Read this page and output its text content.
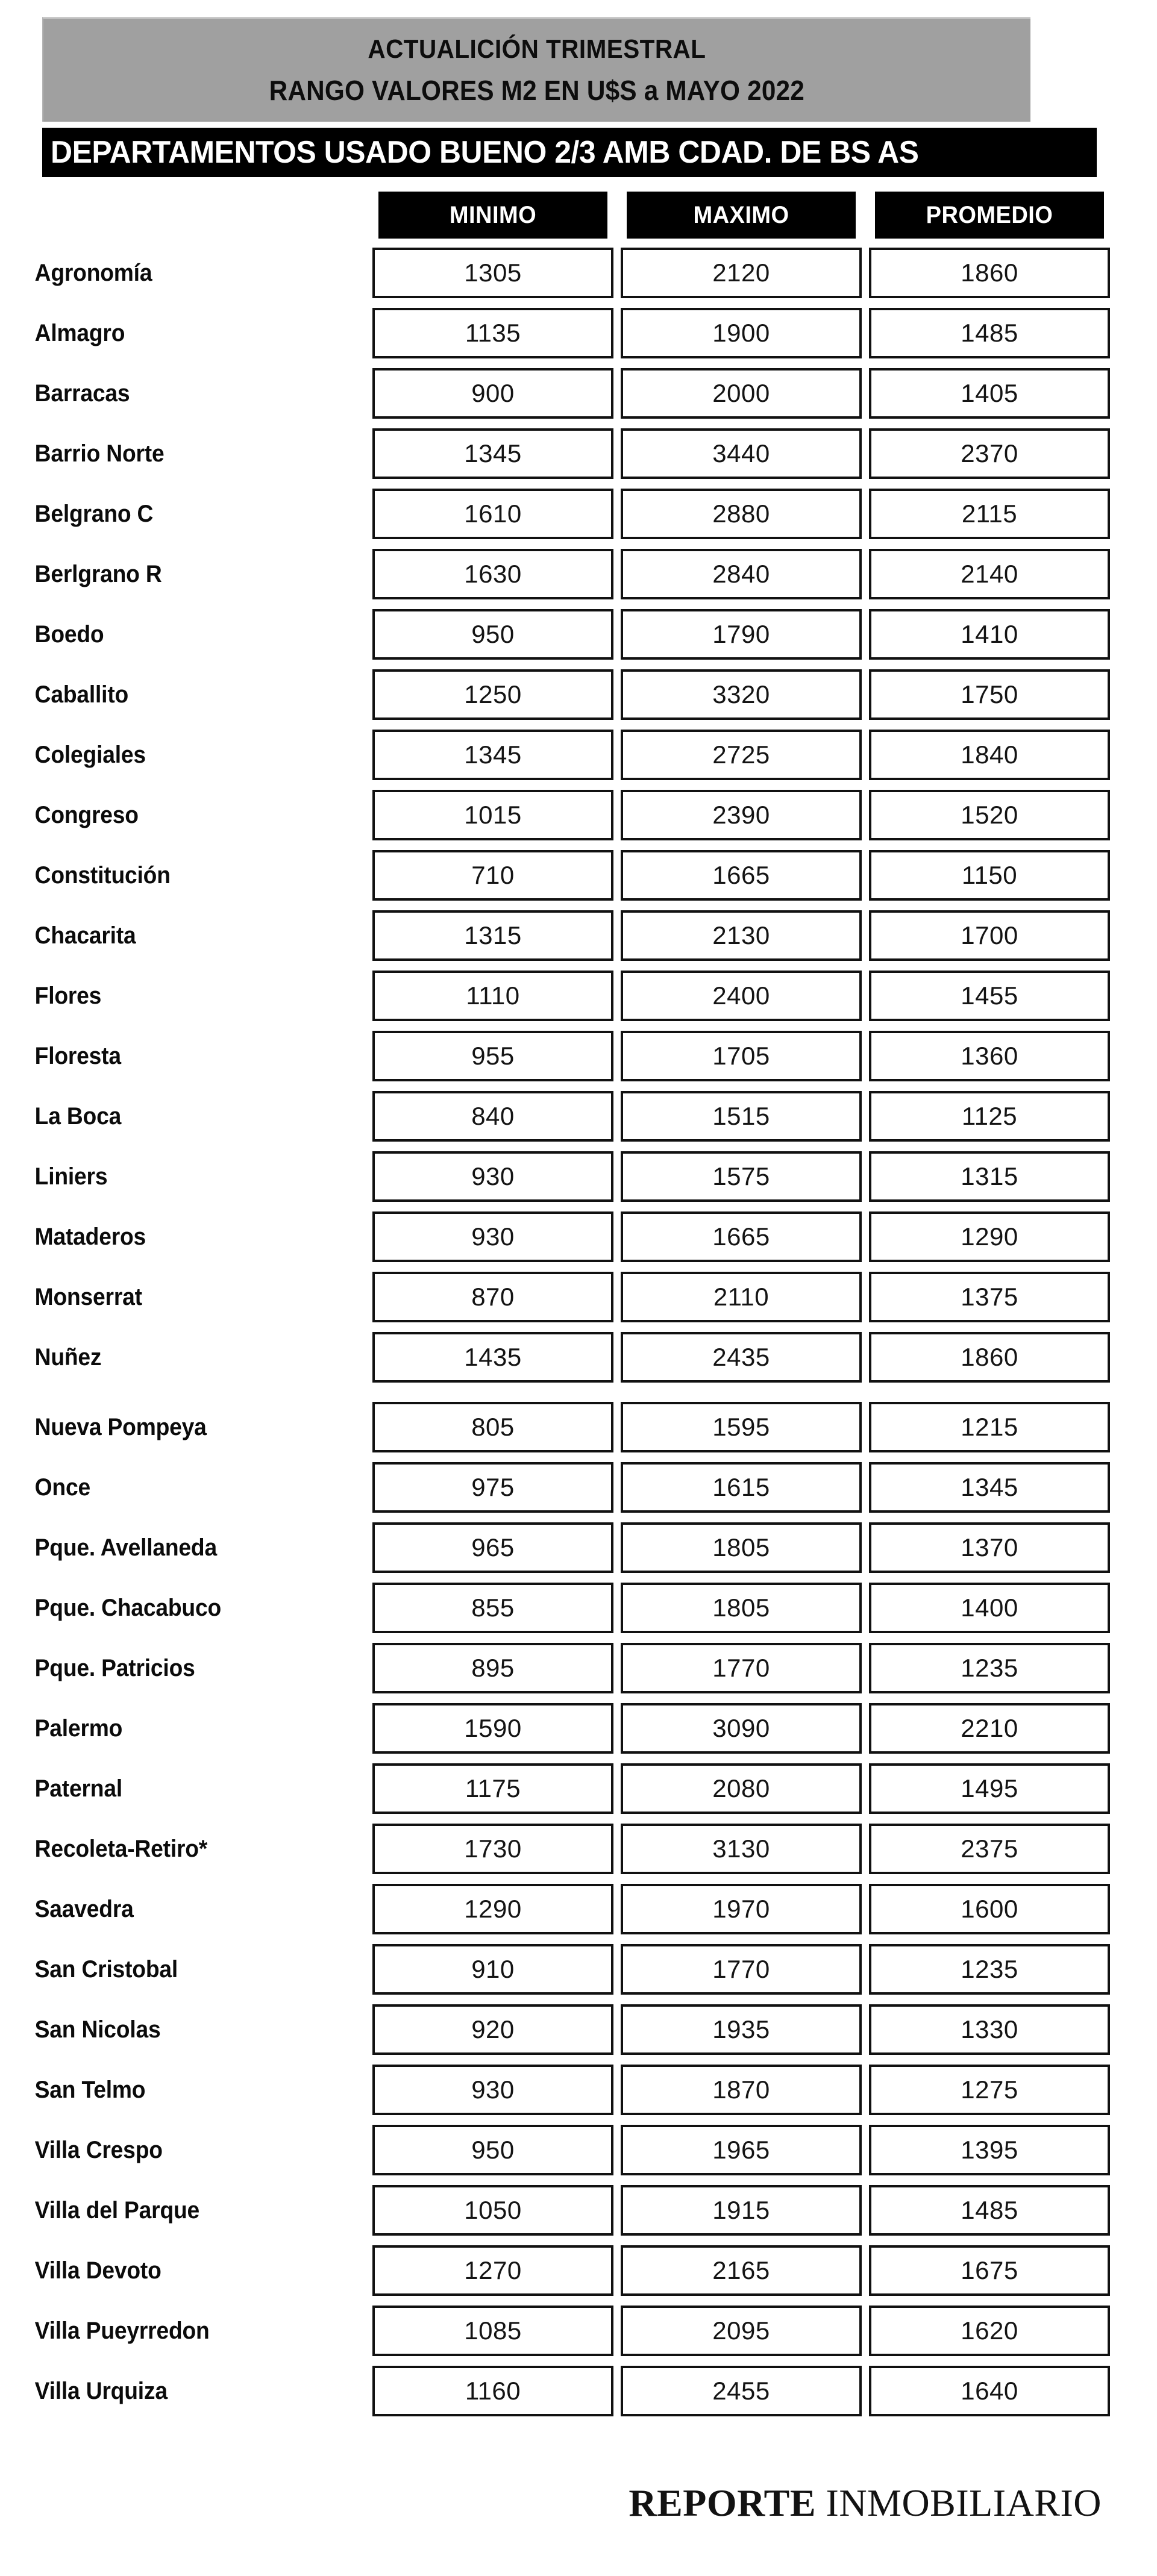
ACTUALICIÓN TRIMESTRAL
RANGO VALORES M2 EN U$S a MAYO 2022
DEPARTAMENTOS USADO BUENO 2/3 AMB CDAD. DE BS AS
MINIMO	MAXIMO	PROMEDIO
Agronomía	1305	2120	1860
Almagro	1135	1900	1485
Barracas	900	2000	1405
Barrio Norte	1345	3440	2370
Belgrano C	1610	2880	2115
Berlgrano R	1630	2840	2140
Boedo	950	1790	1410
Caballito	1250	3320	1750
Colegiales	1345	2725	1840
Congreso	1015	2390	1520
Constitución	710	1665	1150
Chacarita	1315	2130	1700
Flores	1110	2400	1455
Floresta	955	1705	1360
La Boca	840	1515	1125
Liniers	930	1575	1315
Mataderos	930	1665	1290
Monserrat	870	2110	1375
Nuñez	1435	2435	1860
Nueva Pompeya	805	1595	1215
Once	975	1615	1345
Pque. Avellaneda	965	1805	1370
Pque. Chacabuco	855	1805	1400
Pque. Patricios	895	1770	1235
Palermo	1590	3090	2210
Paternal	1175	2080	1495
Recoleta-Retiro*	1730	3130	2375
Saavedra	1290	1970	1600
San Cristobal	910	1770	1235
San Nicolas	920	1935	1330
San Telmo	930	1870	1275
Villa Crespo	950	1965	1395
Villa del Parque	1050	1915	1485
Villa Devoto	1270	2165	1675
Villa Pueyrredon	1085	2095	1620
Villa Urquiza	1160	2455	1640
REPORTE INMOBILIARIO
